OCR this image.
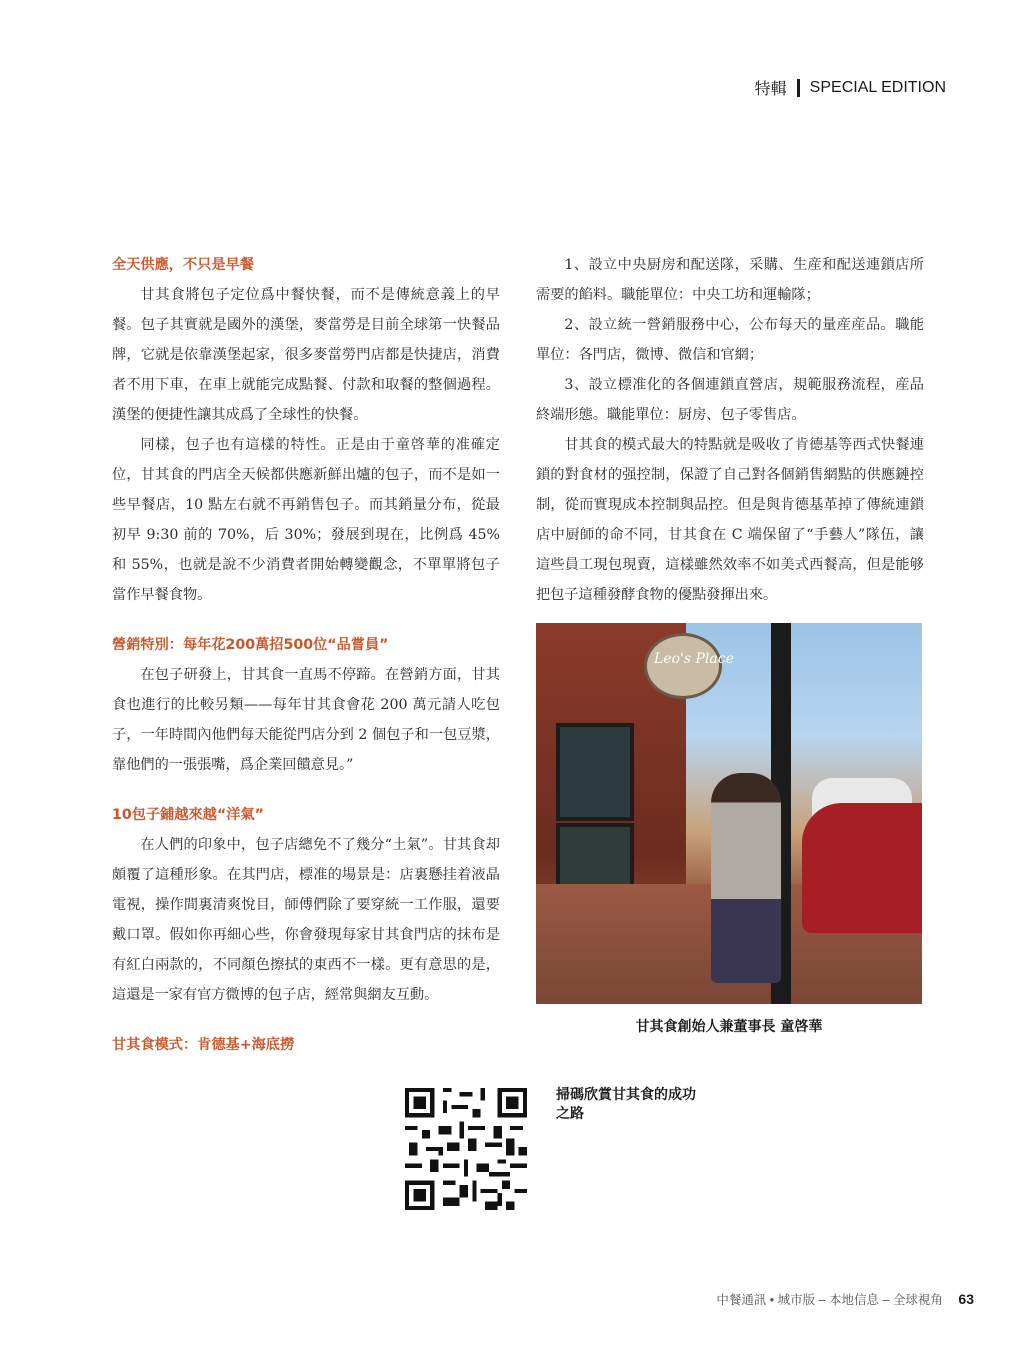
特輯 SPECIAL EDITION
全天供應，不只是早餐

甘其食將包子定位爲中餐快餐，而不是傳統意義上的早餐。包子其實就是國外的漢堡，麥當勞是目前全球第一快餐品牌，它就是依靠漢堡起家，很多麥當勞門店都是快捷店，消費者不用下車，在車上就能完成點餐、付款和取餐的整個過程。漢堡的便捷性讓其成爲了全球性的快餐。

同樣，包子也有這樣的特性。正是由于童啓華的准確定位，甘其食的門店全天候都供應新鮮出爐的包子，而不是如一些早餐店，10 點左右就不再銷售包子。而其銷量分布，從最初早 9:30 前的 70%，后 30%；發展到現在，比例爲 45% 和 55%，也就是說不少消費者開始轉變觀念，不單單將包子當作早餐食物。

營銷特別：每年花200萬招500位“品嘗員”

在包子研發上，甘其食一直馬不停蹄。在營銷方面，甘其食也進行的比較另類——每年甘其食會花 200 萬元請人吃包子，一年時間內他們每天能從門店分到 2 個包子和一包豆漿，靠他們的一張張嘴，爲企業回饋意見。”

10包子鋪越來越“洋氣”

在人們的印象中，包子店總免不了幾分“土氣”。甘其食却頗覆了這種形象。在其門店，標准的場景是：店裏懸挂着液晶電視，操作間裏清爽悅目，師傅們除了要穿統一工作服，還要戴口罩。假如你再細心些，你會發現每家甘其食門店的抹布是有紅白兩款的，不同顏色擦拭的東西不一樣。更有意思的是，這還是一家有官方微博的包子店，經常與網友互動。

甘其食模式：肯德基+海底撈

1、設立中央厨房和配送隊，采購、生産和配送連鎖店所需要的餡料。職能單位：中央工坊和運輸隊；

2、設立統一營銷服務中心，公布每天的量産産品。職能單位：各門店，微博、微信和官網；

3、設立標准化的各個連鎖直營店，規範服務流程，産品終端形態。職能單位：厨房、包子零售店。

甘其食的模式最大的特點就是吸收了肯德基等西式快餐連鎖的對食材的强控制，保證了自己對各個銷售網點的供應鏈控制，從而實現成本控制與品控。但是與肯德基革掉了傳統連鎖店中厨師的命不同，甘其食在 C 端保留了“手藝人”隊伍，讓這些員工現包現賣，這樣雖然效率不如美式西餐高，但是能够把包子這種發酵食物的優點發揮出來。

Leo's Place
甘其食創始人兼董事長 童啓華
掃碼欣賞甘其食的成功之路
中餐通訊 • 城市版 – 本地信息 – 全球視角 63
